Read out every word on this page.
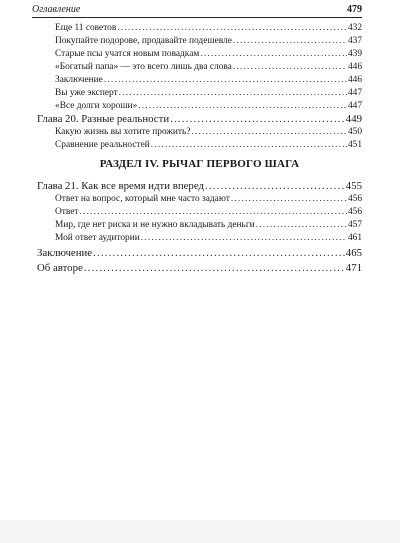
Оглавление	479
Еще 11 советов .....	432
Покупайте подорове, продавайте подешевле .....	437
Старые псы учатся новым повадкам .....	439
«Богатый папа» — это всего лишь два слова .....	446
Заключение .....	446
Вы уже эксперт .....	447
«Все долги хороши» .....	447
Глава 20. Разные реальности .....	449
Какую жизнь вы хотите прожить? .....	450
Сравнение реальностей .....	451
РАЗДЕЛ IV. РЫЧАГ ПЕРВОГО ШАГА
Глава 21. Как все время идти вперед .....	455
Ответ на вопрос, который мне часто задают .....	456
Ответ .....	456
Мир, где нет риска и не нужно вкладывать деньги .....	457
Мой ответ аудитории .....	461
Заключение .....	465
Об авторе .....	471
